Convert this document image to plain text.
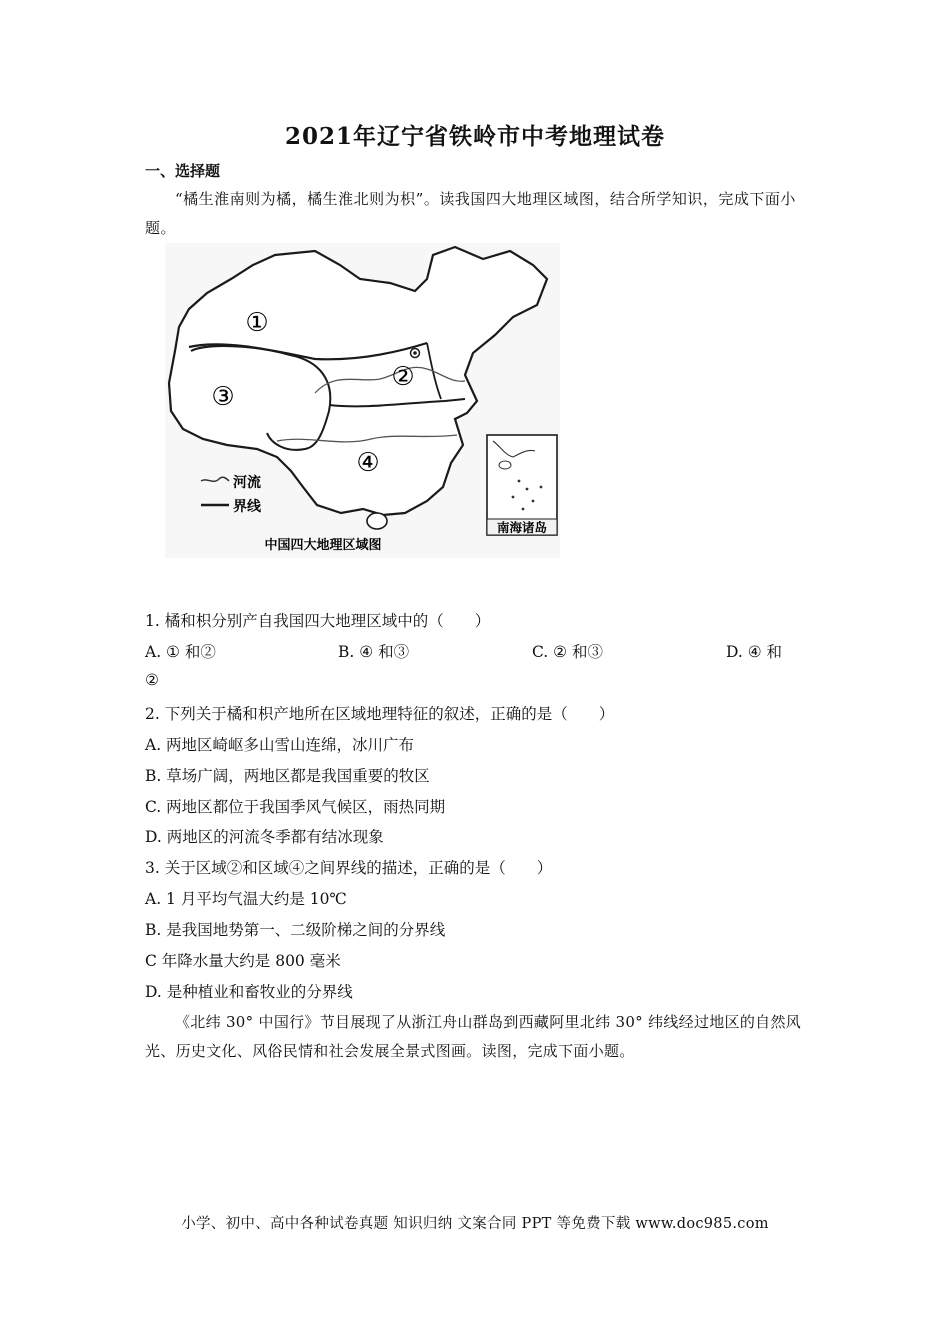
2021年辽宁省铁岭市中考地理试卷
一、选择题
“橘生淮南则为橘，橘生淮北则为枳”。读我国四大地理区域图，结合所学知识，完成下面小题。
①
②
③
④
河流
界线
中国四大地理区域图
南海诸岛
1. 橘和枳分别产自我国四大地理区域中的（　　）
A. ① 和②	B. ④ 和③	C. ② 和③	D. ④ 和
②
2. 下列关于橘和枳产地所在区域地理特征的叙述，正确的是（　　）
A. 两地区崎岖多山雪山连绵，冰川广布
B. 草场广阔，两地区都是我国重要的牧区
C. 两地区都位于我国季风气候区，雨热同期
D. 两地区的河流冬季都有结冰现象
3. 关于区域②和区域④之间界线的描述，正确的是（　　）
A. 1 月平均气温大约是 10℃
B. 是我国地势第一、二级阶梯之间的分界线
C 年降水量大约是 800 毫米
D. 是种植业和畜牧业的分界线
《北纬 30° 中国行》节目展现了从浙江舟山群岛到西藏阿里北纬 30° 纬线经过地区的自然风光、历史文化、风俗民情和社会发展全景式图画。读图，完成下面小题。
小学、初中、高中各种试卷真题 知识归纳 文案合同 PPT 等免费下载 www.doc985.com
